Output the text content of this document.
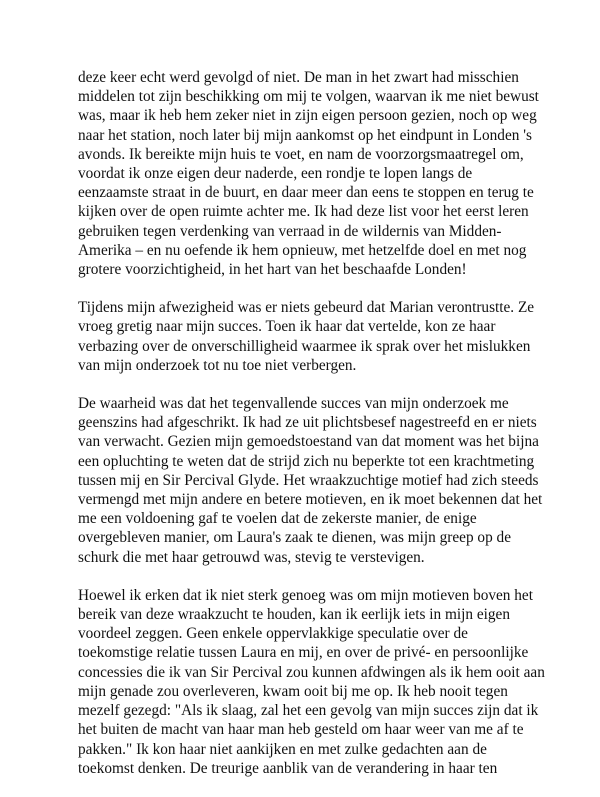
deze keer echt werd gevolgd of niet. De man in het zwart had misschien
middelen tot zijn beschikking om mij te volgen, waarvan ik me niet bewust
was, maar ik heb hem zeker niet in zijn eigen persoon gezien, noch op weg
naar het station, noch later bij mijn aankomst op het eindpunt in Londen 's
avonds. Ik bereikte mijn huis te voet, en nam de voorzorgsmaatregel om,
voordat ik onze eigen deur naderde, een rondje te lopen langs de
eenzaamste straat in de buurt, en daar meer dan eens te stoppen en terug te
kijken over de open ruimte achter me. Ik had deze list voor het eerst leren
gebruiken tegen verdenking van verraad in de wildernis van Midden-
Amerika – en nu oefende ik hem opnieuw, met hetzelfde doel en met nog
grotere voorzichtigheid, in het hart van het beschaafde Londen!

Tijdens mijn afwezigheid was er niets gebeurd dat Marian verontrustte. Ze
vroeg gretig naar mijn succes. Toen ik haar dat vertelde, kon ze haar
verbazing over de onverschilligheid waarmee ik sprak over het mislukken
van mijn onderzoek tot nu toe niet verbergen.

De waarheid was dat het tegenvallende succes van mijn onderzoek me
geenszins had afgeschrikt. Ik had ze uit plichtsbesef nagestreefd en er niets
van verwacht. Gezien mijn gemoedstoestand van dat moment was het bijna
een opluchting te weten dat de strijd zich nu beperkte tot een krachtmeting
tussen mij en Sir Percival Glyde. Het wraakzuchtige motief had zich steeds
vermengd met mijn andere en betere motieven, en ik moet bekennen dat het
me een voldoening gaf te voelen dat de zekerste manier, de enige
overgebleven manier, om Laura's zaak te dienen, was mijn greep op de
schurk die met haar getrouwd was, stevig te verstevigen.

Hoewel ik erken dat ik niet sterk genoeg was om mijn motieven boven het
bereik van deze wraakzucht te houden, kan ik eerlijk iets in mijn eigen
voordeel zeggen. Geen enkele oppervlakkige speculatie over de
toekomstige relatie tussen Laura en mij, en over de privé- en persoonlijke
concessies die ik van Sir Percival zou kunnen afdwingen als ik hem ooit aan
mijn genade zou overleveren, kwam ooit bij me op. Ik heb nooit tegen
mezelf gezegd: "Als ik slaag, zal het een gevolg van mijn succes zijn dat ik
het buiten de macht van haar man heb gesteld om haar weer van me af te
pakken." Ik kon haar niet aankijken en met zulke gedachten aan de
toekomst denken. De treurige aanblik van de verandering in haar ten
